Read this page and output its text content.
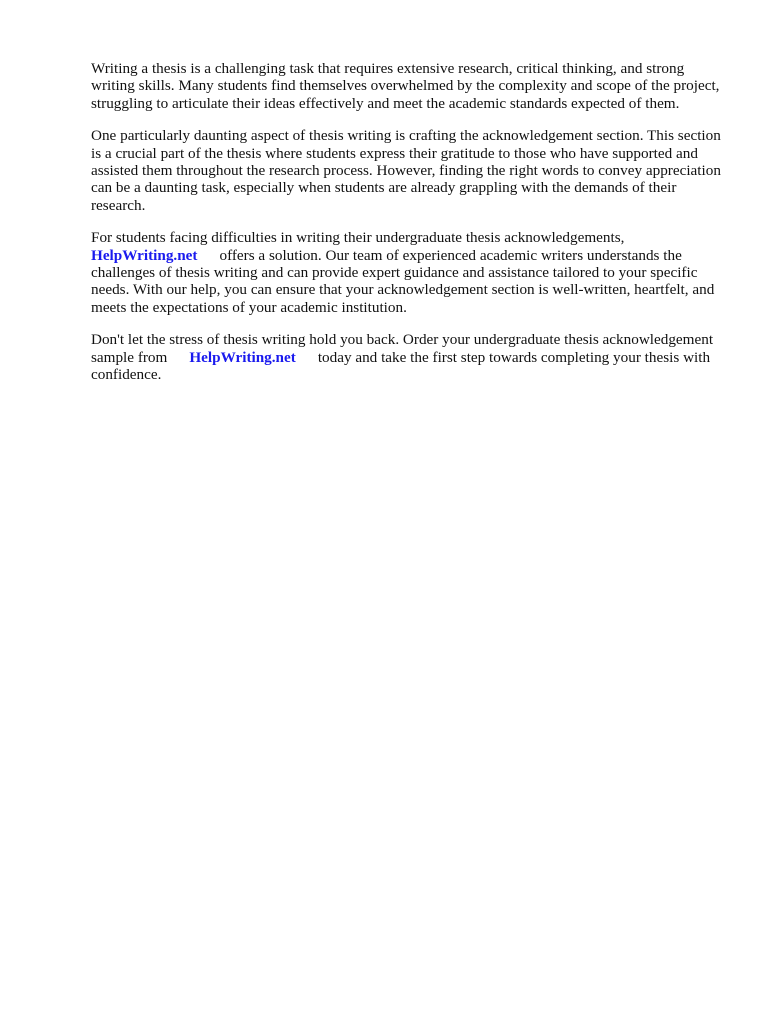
Writing a thesis is a challenging task that requires extensive research, critical thinking, and strong writing skills. Many students find themselves overwhelmed by the complexity and scope of the project, struggling to articulate their ideas effectively and meet the academic standards expected of them.

One particularly daunting aspect of thesis writing is crafting the acknowledgement section. This section is a crucial part of the thesis where students express their gratitude to those who have supported and assisted them throughout the research process. However, finding the right words to convey appreciation can be a daunting task, especially when students are already grappling with the demands of their research.

For students facing difficulties in writing their undergraduate thesis acknowledgements,
HelpWriting.net offers a solution. Our team of experienced academic writers understands the challenges of thesis writing and can provide expert guidance and assistance tailored to your specific needs. With our help, you can ensure that your acknowledgement section is well-written, heartfelt, and meets the expectations of your academic institution.

Don't let the stress of thesis writing hold you back. Order your undergraduate thesis acknowledgement sample from HelpWriting.net today and take the first step towards completing your thesis with confidence.
